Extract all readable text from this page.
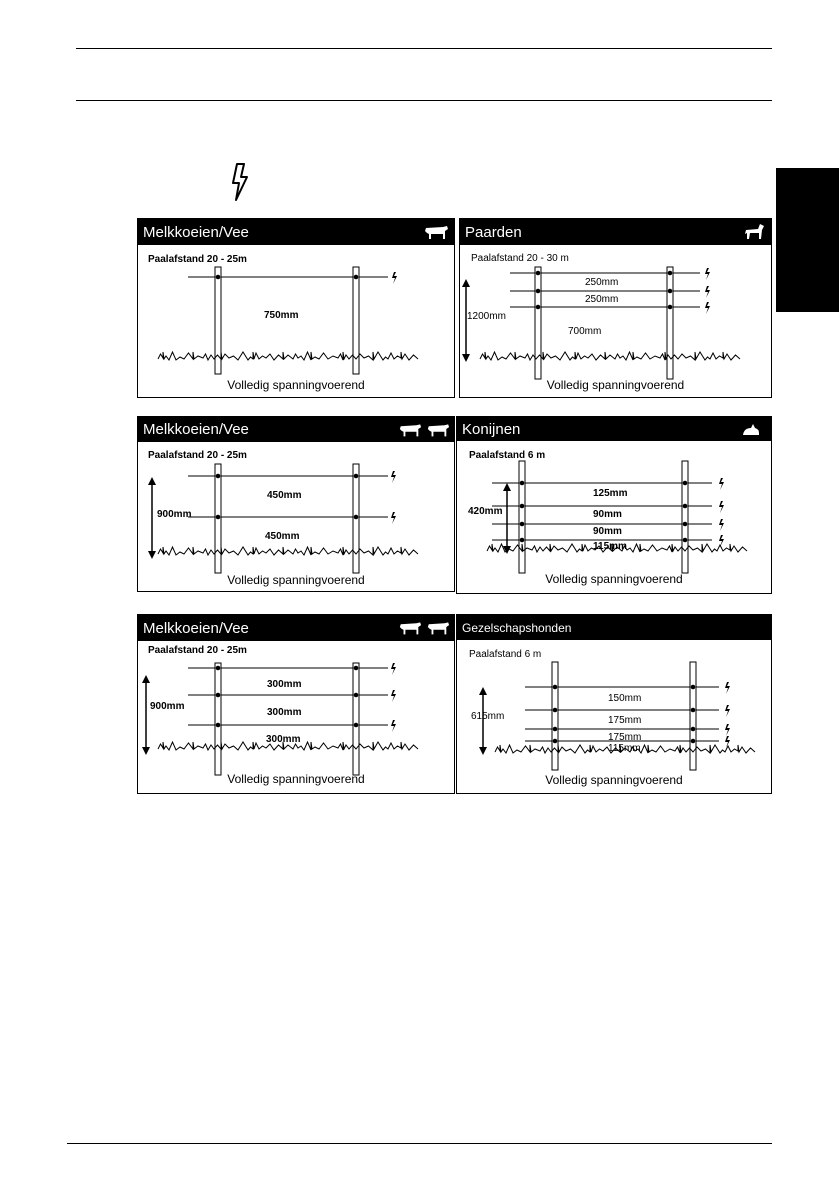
Melkkoeien/Vee
Paalafstand 20 - 25m
750mm
Volledig spanningvoerend
Paarden
Paalafstand 20 - 30 m
1200mm
250mm
250mm
700mm
Volledig spanningvoerend
Melkkoeien/Vee
Paalafstand 20 - 25m
900mm
450mm
450mm
Volledig spanningvoerend
Konijnen
Paalafstand 6 m
420mm
125mm
90mm
90mm
115mm
Volledig spanningvoerend
Melkkoeien/Vee
Paalafstand 20 - 25m
900mm
300mm
300mm
300mm
Volledig spanningvoerend
Gezelschapshonden
Paalafstand 6 m
615mm
150mm
175mm
175mm
115mm
Volledig spanningvoerend
